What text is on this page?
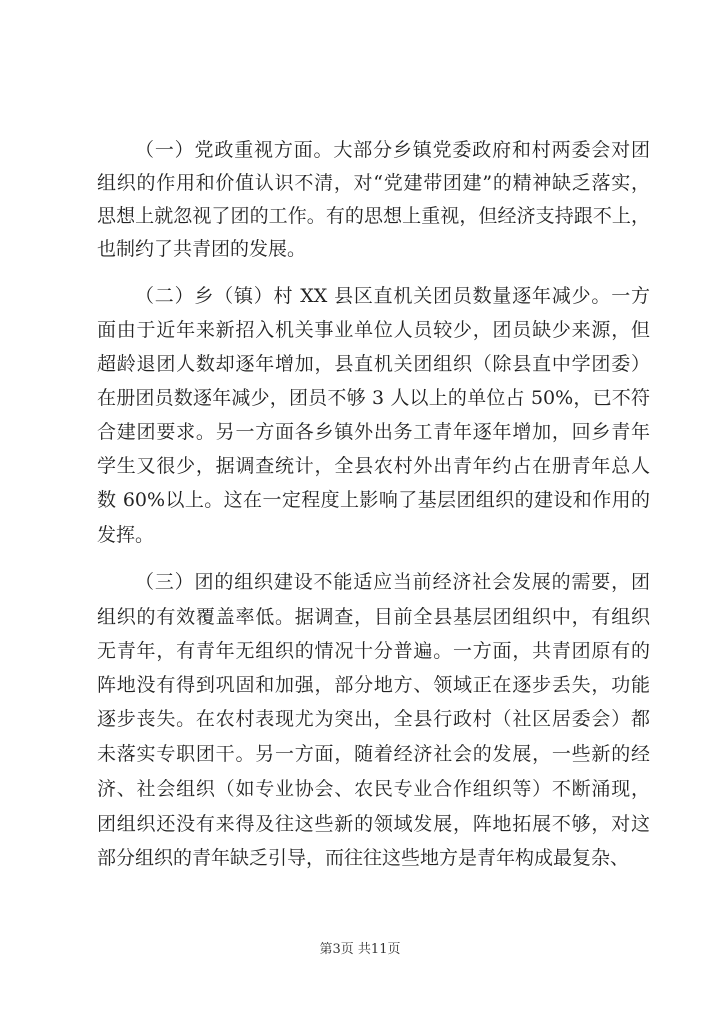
（一）党政重视方面。大部分乡镇党委政府和村两委会对团
组织的作用和价值认识不清，对“党建带团建”的精神缺乏落实，
思想上就忽视了团的工作。有的思想上重视，但经济支持跟不上，
也制约了共青团的发展。
（二）乡（镇）村 XX 县区直机关团员数量逐年减少。一方
面由于近年来新招入机关事业单位人员较少，团员缺少来源，但
超龄退团人数却逐年增加，县直机关团组织（除县直中学团委）
在册团员数逐年减少，团员不够 3 人以上的单位占 50%，已不符
合建团要求。另一方面各乡镇外出务工青年逐年增加，回乡青年
学生又很少，据调查统计，全县农村外出青年约占在册青年总人
数 60%以上。这在一定程度上影响了基层团组织的建设和作用的
发挥。
（三）团的组织建设不能适应当前经济社会发展的需要，团
组织的有效覆盖率低。据调查，目前全县基层团组织中，有组织
无青年，有青年无组织的情况十分普遍。一方面，共青团原有的
阵地没有得到巩固和加强，部分地方、领域正在逐步丢失，功能
逐步丧失。在农村表现尤为突出，全县行政村（社区居委会）都
未落实专职团干。另一方面，随着经济社会的发展，一些新的经
济、社会组织（如专业协会、农民专业合作组织等）不断涌现，
团组织还没有来得及往这些新的领域发展，阵地拓展不够，对这
部分组织的青年缺乏引导，而往往这些地方是青年构成最复杂、
第3页 共11页
